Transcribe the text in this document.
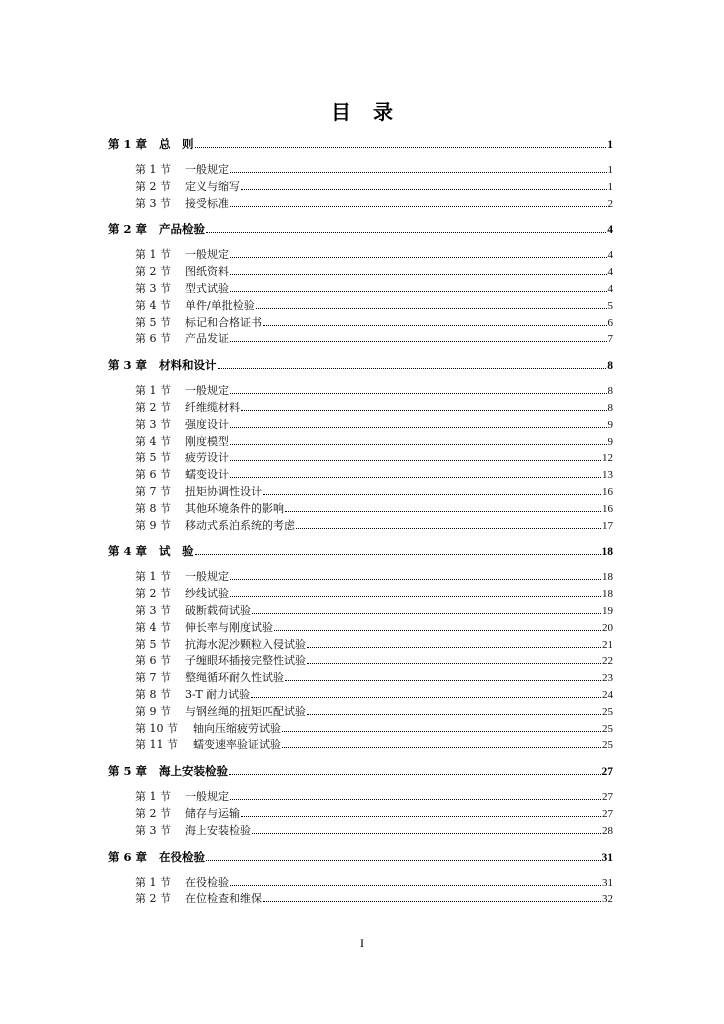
目 录
第 1 章	总　则	1
第 1 节	一般规定	1
第 2 节	定义与缩写	1
第 3 节	接受标准	2
第 2 章	产品检验	4
第 1 节	一般规定	4
第 2 节	图纸资料	4
第 3 节	型式试验	4
第 4 节	单件/单批检验	5
第 5 节	标记和合格证书	6
第 6 节	产品发证	7
第 3 章	材料和设计	8
第 1 节	一般规定	8
第 2 节	纤维缆材料	8
第 3 节	强度设计	9
第 4 节	刚度模型	9
第 5 节	疲劳设计	12
第 6 节	蠕变设计	13
第 7 节	扭矩协调性设计	16
第 8 节	其他环境条件的影响	16
第 9 节	移动式系泊系统的考虑	17
第 4 章	试　验	18
第 1 节	一般规定	18
第 2 节	纱线试验	18
第 3 节	破断载荷试验	19
第 4 节	伸长率与刚度试验	20
第 5 节	抗海水泥沙颗粒入侵试验	21
第 6 节	子缠眼环插接完整性试验	22
第 7 节	整绳循环耐久性试验	23
第 8 节	3-T 耐力试验	24
第 9 节	与钢丝绳的扭矩匹配试验	25
第 10 节	轴向压缩疲劳试验	25
第 11 节	蠕变速率验证试验	25
第 5 章	海上安装检验	27
第 1 节	一般规定	27
第 2 节	储存与运输	27
第 3 节	海上安装检验	28
第 6 章	在役检验	31
第 1 节	在役检验	31
第 2 节	在位检查和维保	32
I
